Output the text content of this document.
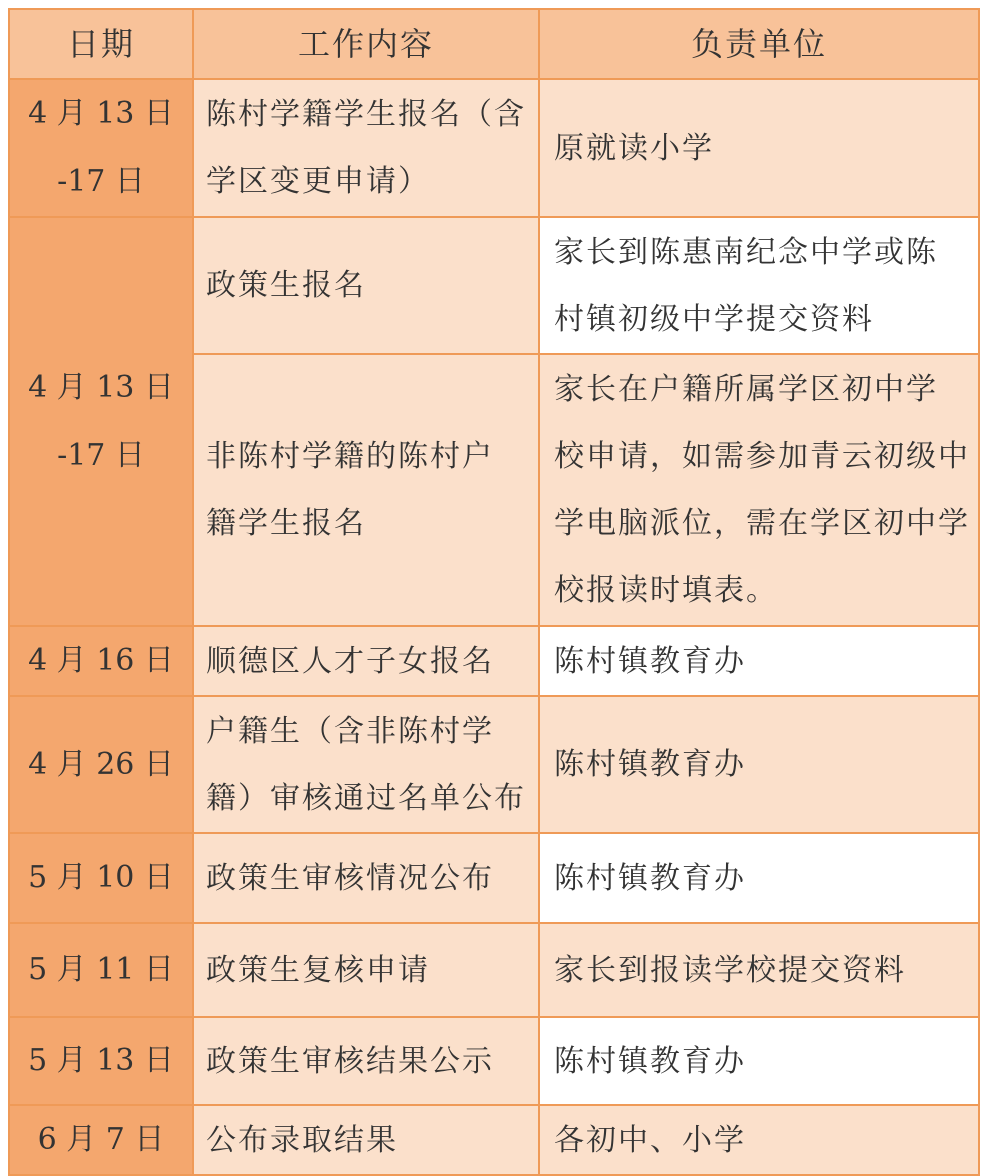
日期	工作内容	负责单位

4 月 13 日
-17 日	陈村学籍学生报名（含
学区变更申请）	原就读小学

4 月 13 日
-17 日	政策生报名	家长到陈惠南纪念中学或陈
村镇初级中学提交资料

	非陈村学籍的陈村户
籍学生报名	家长在户籍所属学区初中学
校申请，如需参加青云初级中
学电脑派位，需在学区初中学
校报读时填表。

4 月 16 日	顺德区人才子女报名	陈村镇教育办

4 月 26 日	户籍生（含非陈村学
籍）审核通过名单公布	陈村镇教育办

5 月 10 日	政策生审核情况公布	陈村镇教育办

5 月 11 日	政策生复核申请	家长到报读学校提交资料

5 月 13 日	政策生审核结果公示	陈村镇教育办

6 月 7 日	公布录取结果	各初中、小学
